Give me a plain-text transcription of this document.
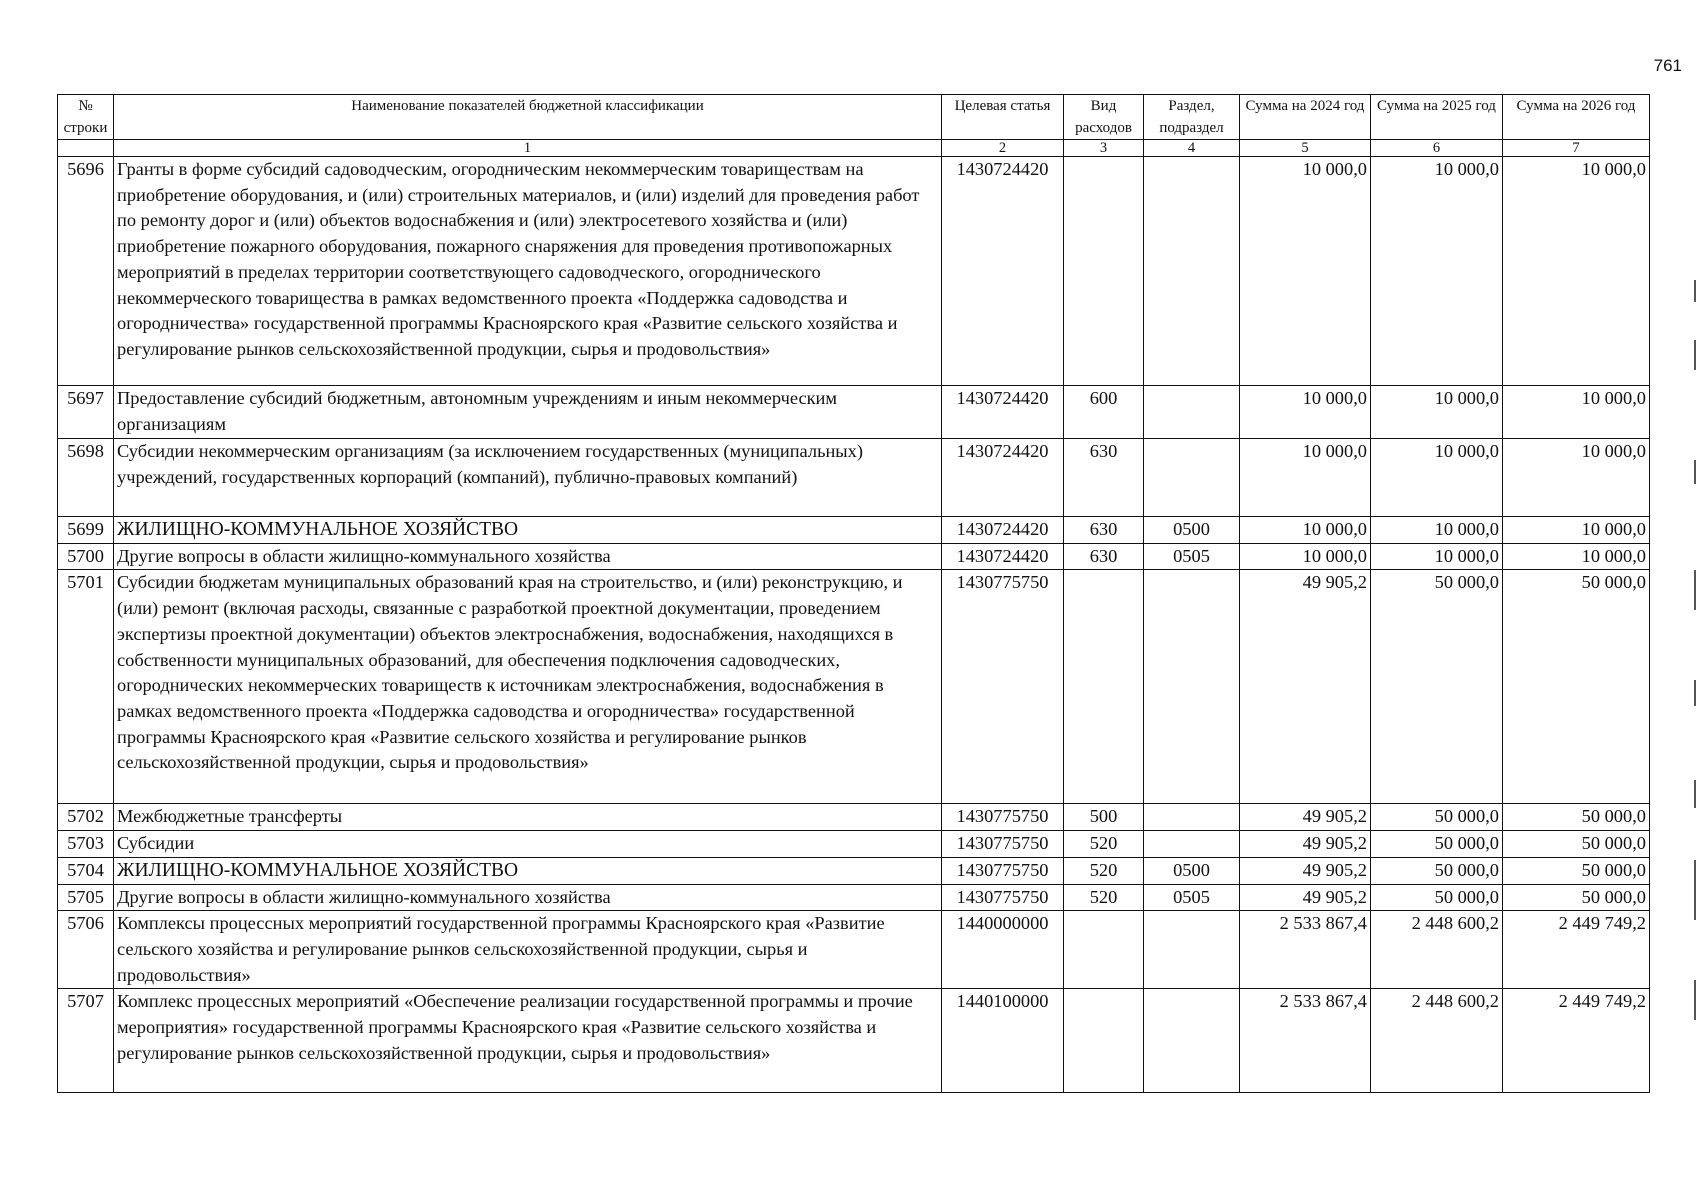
761
№ строки	Наименование показателей бюджетной классификации	Целевая статья	Вид расходов	Раздел, подраздел	Сумма на 2024 год	Сумма на 2025 год	Сумма на 2026 год
	1	2	3	4	5	6	7
5696	Гранты в форме субсидий садоводческим, огородническим некоммерческим товариществам на приобретение оборудования, и (или) строительных материалов, и (или) изделий для проведения работ по ремонту дорог и (или) объектов водоснабжения и (или) электросетевого хозяйства и (или) приобретение пожарного оборудования, пожарного снаряжения для проведения противопожарных мероприятий в пределах территории соответствующего садоводческого, огороднического некоммерческого товарищества в рамках ведомственного проекта «Поддержка садоводства и огородничества» государственной программы Красноярского края «Развитие сельского хозяйства и регулирование рынков сельскохозяйственной продукции, сырья и продовольствия»	1430724420			10 000,0	10 000,0	10 000,0
5697	Предоставление субсидий бюджетным, автономным учреждениям и иным некоммерческим организациям	1430724420	600		10 000,0	10 000,0	10 000,0
5698	Субсидии некоммерческим организациям (за исключением государственных (муниципальных) учреждений, государственных корпораций (компаний), публично-правовых компаний)	1430724420	630		10 000,0	10 000,0	10 000,0
5699	ЖИЛИЩНО-КОММУНАЛЬНОЕ ХОЗЯЙСТВО	1430724420	630	0500	10 000,0	10 000,0	10 000,0
5700	Другие вопросы в области жилищно-коммунального хозяйства	1430724420	630	0505	10 000,0	10 000,0	10 000,0
5701	Субсидии бюджетам муниципальных образований края на строительство, и (или) реконструкцию, и (или) ремонт (включая расходы, связанные с разработкой проектной документации, проведением экспертизы проектной документации) объектов электроснабжения, водоснабжения, находящихся в собственности муниципальных образований, для обеспечения подключения садоводческих, огороднических некоммерческих товариществ к источникам электроснабжения, водоснабжения в рамках ведомственного проекта «Поддержка садоводства и огородничества» государственной программы Красноярского края «Развитие сельского хозяйства и регулирование рынков сельскохозяйственной продукции, сырья и продовольствия»	1430775750			49 905,2	50 000,0	50 000,0
5702	Межбюджетные трансферты	1430775750	500		49 905,2	50 000,0	50 000,0
5703	Субсидии	1430775750	520		49 905,2	50 000,0	50 000,0
5704	ЖИЛИЩНО-КОММУНАЛЬНОЕ ХОЗЯЙСТВО	1430775750	520	0500	49 905,2	50 000,0	50 000,0
5705	Другие вопросы в области жилищно-коммунального хозяйства	1430775750	520	0505	49 905,2	50 000,0	50 000,0
5706	Комплексы процессных мероприятий государственной программы Красноярского края «Развитие сельского хозяйства и регулирование рынков сельскохозяйственной продукции, сырья и продовольствия»	1440000000			2 533 867,4	2 448 600,2	2 449 749,2
5707	Комплекс процессных мероприятий «Обеспечение реализации государственной программы и прочие мероприятия» государственной программы Красноярского края «Развитие сельского хозяйства и регулирование рынков сельскохозяйственной продукции, сырья и продовольствия»	1440100000			2 533 867,4	2 448 600,2	2 449 749,2
